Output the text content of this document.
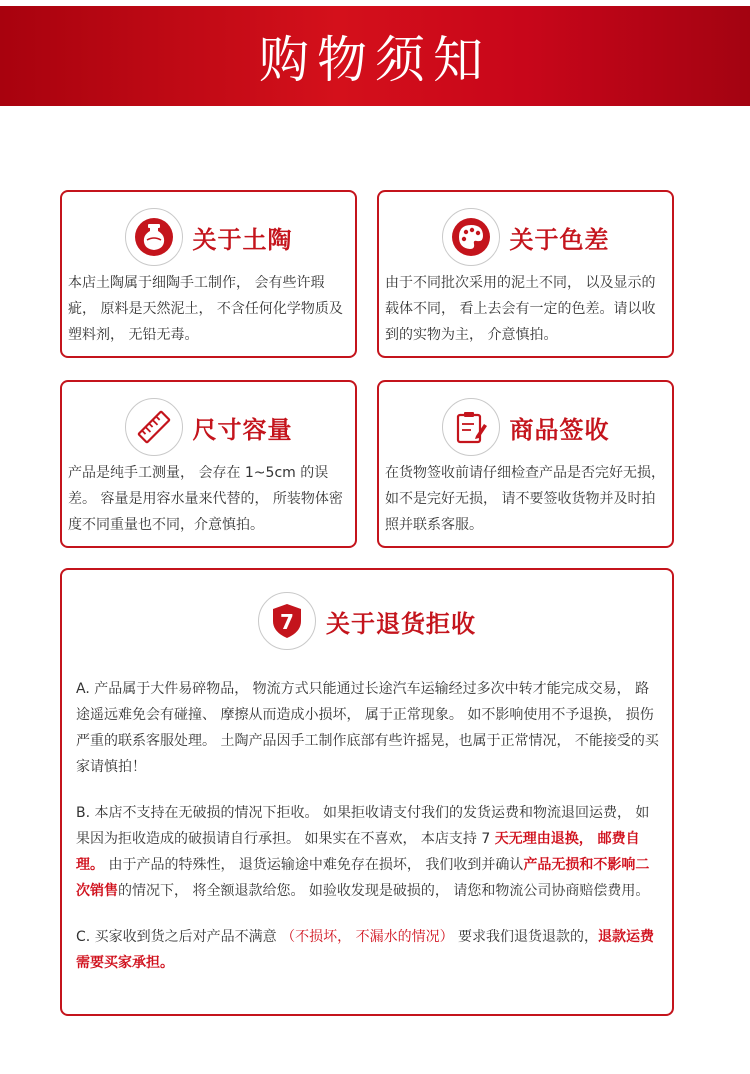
购物须知
关于土陶
本店土陶属于细陶手工制作， 会有些许瑕疵， 原料是天然泥土， 不含任何化学物质及塑料剂， 无铅无毒。
关于色差
由于不同批次采用的泥土不同， 以及显示的载体不同， 看上去会有一定的色差。请以收到的实物为主， 介意慎拍。
尺寸容量
产品是纯手工测量， 会存在 1~5cm 的误差。 容量是用容水量来代替的， 所装物体密度不同重量也不同，介意慎拍。
商品签收
在货物签收前请仔细检查产品是否完好无损， 如不是完好无损， 请不要签收货物并及时拍照并联系客服。
7 关于退货拒收

A. 产品属于大件易碎物品， 物流方式只能通过长途汽车运输经过多次中转才能完成交易， 路途遥远难免会有碰撞、 摩擦从而造成小损坏， 属于正常现象。 如不影响使用不予退换， 损伤严重的联系客服处理。 土陶产品因手工制作底部有些许摇晃，也属于正常情况， 不能接受的买家请慎拍！

B. 本店不支持在无破损的情况下拒收。 如果拒收请支付我们的发货运费和物流退回运费， 如果因为拒收造成的破损请自行承担。 如果实在不喜欢， 本店支持 7 天无理由退换， 邮费自理。 由于产品的特殊性， 退货运输途中难免存在损坏， 我们收到并确认产品无损和不影响二次销售的情况下， 将全额退款给您。 如验收发现是破损的， 请您和物流公司协商赔偿费用。

C. 买家收到货之后对产品不满意 （不损坏， 不漏水的情况） 要求我们退货退款的，退款运费需要买家承担。
